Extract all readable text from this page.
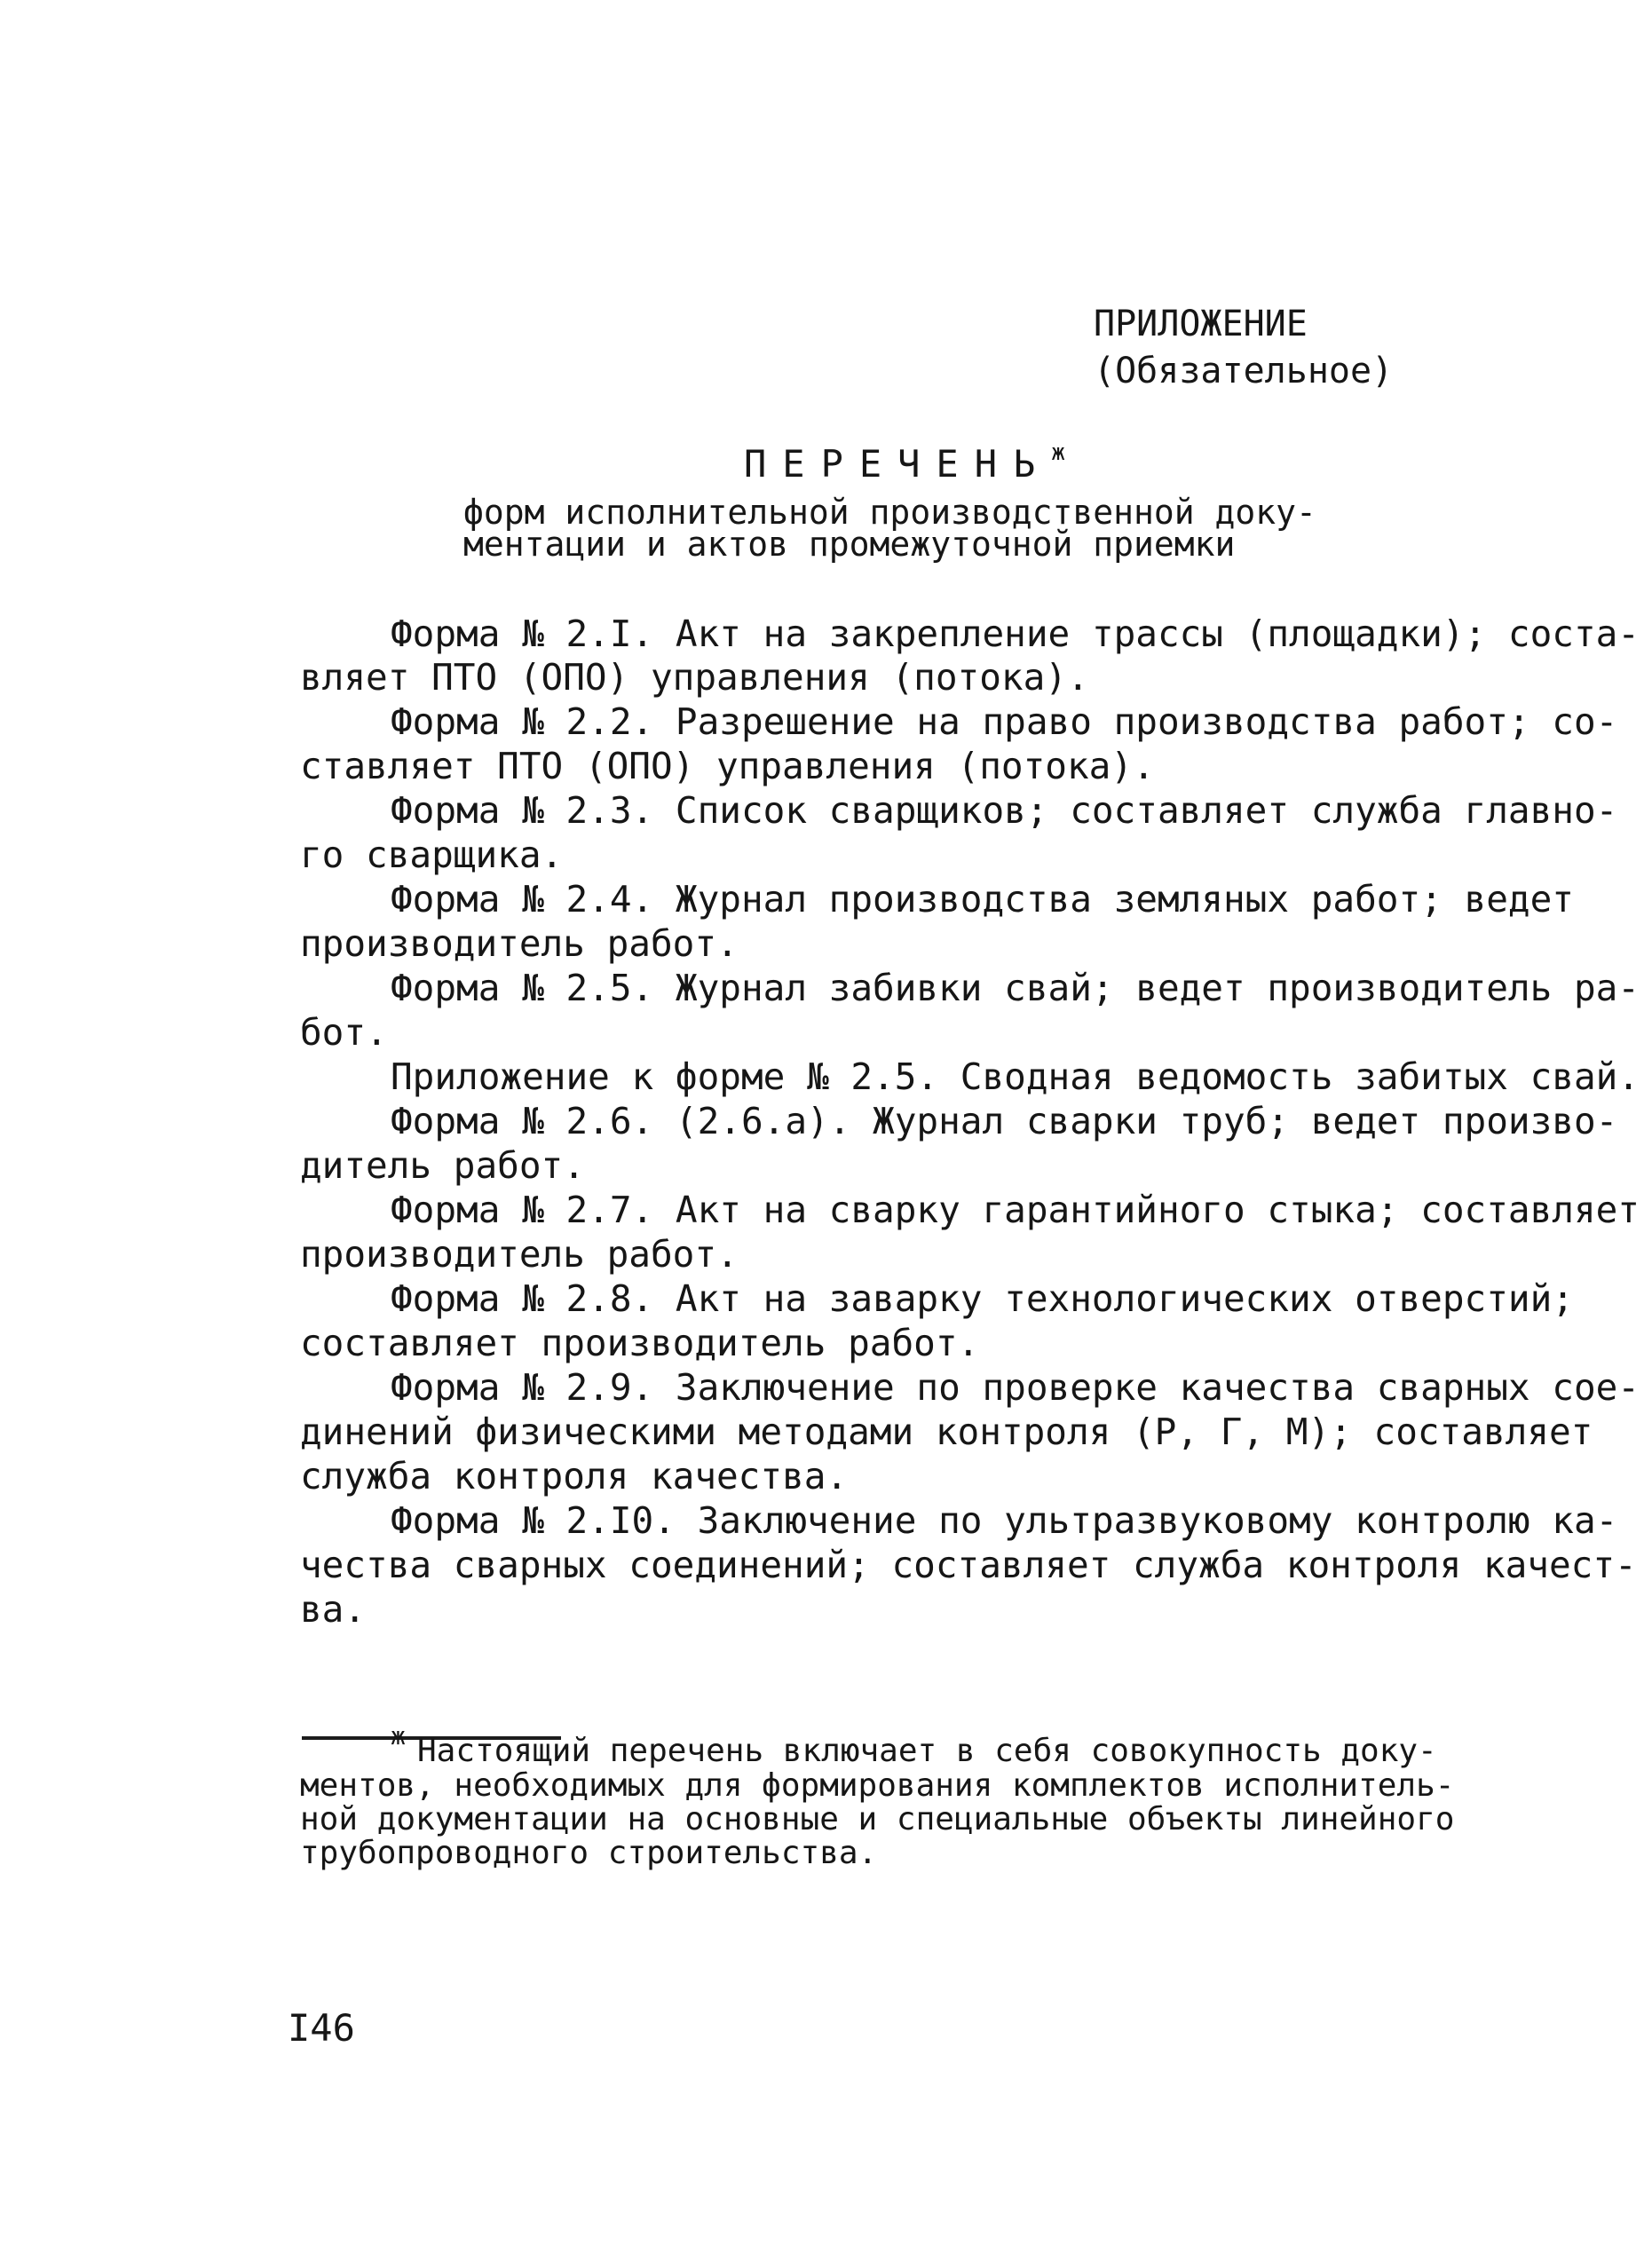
ПРИЛОЖЕНИЕ
(Обязательное)
$ПЕРЕЧЕНЬ^ж$
форм исполнительной производственной доку-
ментации и актов промежуточной приемки
Форма № 2.I. Акт на закрепление трассы (площадки); соста-
вляет ПТО (ОПО) управления (потока).
Форма № 2.2. Разрешение на право производства работ; со-
ставляет ПТО (ОПО) управления (потока).
Форма № 2.3. Список сварщиков; составляет служба главно-
го сварщика.
Форма № 2.4. Журнал производства земляных работ; ведет
производитель работ.
Форма № 2.5. Журнал забивки свай; ведет производитель ра-
бот.
Приложение к форме № 2.5. Сводная ведомость забитых свай.
Форма № 2.6. (2.6.а). Журнал сварки труб; ведет произво-
дитель работ.
Форма № 2.7. Акт на сварку гарантийного стыка; составляет
производитель работ.
Форма № 2.8. Акт на заварку технологических отверстий;
составляет производитель работ.
Форма № 2.9. Заключение по проверке качества сварных сое-
динений физическими методами контроля (Р, Г, М); составляет
служба контроля качества.
Форма № 2.I0. Заключение по ультразвуковому контролю ка-
чества сварных соединений; составляет служба контроля качест-
ва.
ж Настоящий перечень включает в себя совокупность доку-
ментов, необходимых для формирования комплектов исполнитель-
ной документации на основные и специальные объекты линейного
трубопроводного строительства.
I46
